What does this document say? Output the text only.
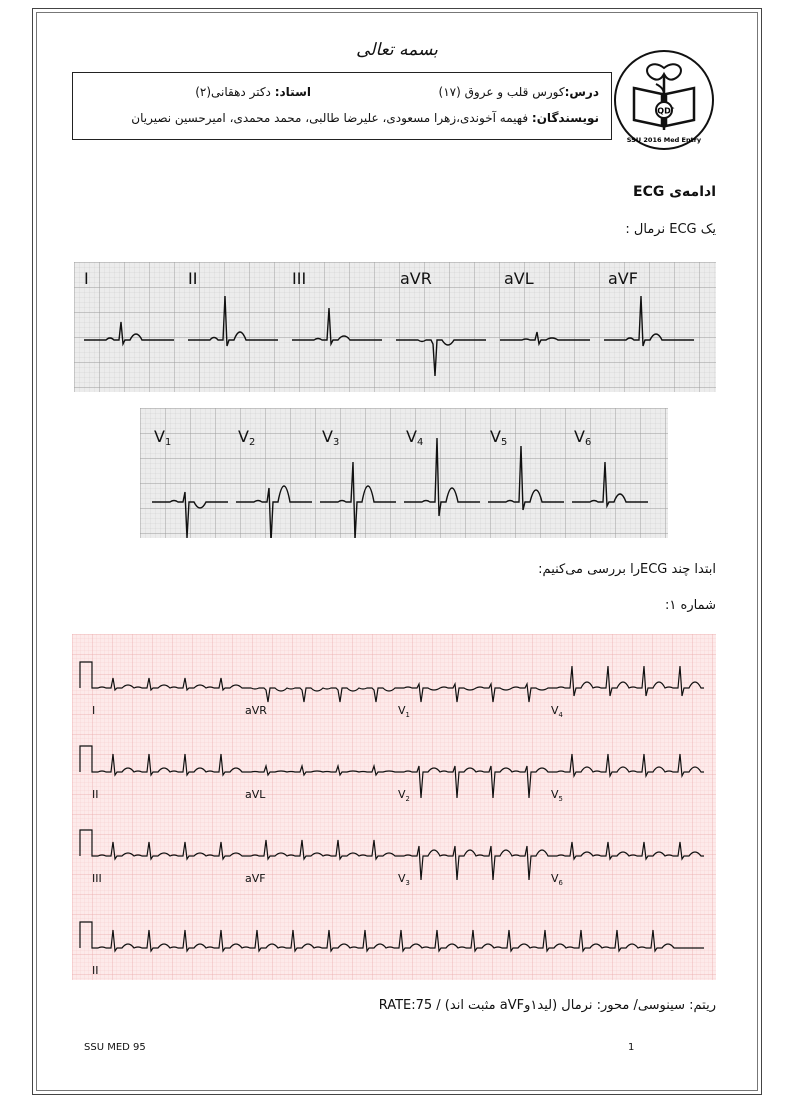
بسمه تعالی
درس:کورس قلب و عروق (۱۷)
استاد: دکتر دهقانی(۲)
نویسندگان: فهیمه آخوندی،زهرا مسعودی، علیرضا طالبی، محمد محمدی، امیرحسین نصیریان	QD
SSU 2016 Med Entry
ادامه‌ی ECG
یک ECG نرمال :
I	II	III	aVR	aVL	aVF
V1	V2	V3	V4	V5	V6
ابتدا چند ECGرا بررسی می‌کنیم:
شماره ۱:
I	aVR	$V_1$	$V_4$
II	aVL	$V_2$	$V_5$
III	aVF	$V_3$	$V_6$
II
ریتم: سینوسی/ محور: نرمال (لید۱وaVF مثبت اند) / RATE:75
SSU MED 95	1
